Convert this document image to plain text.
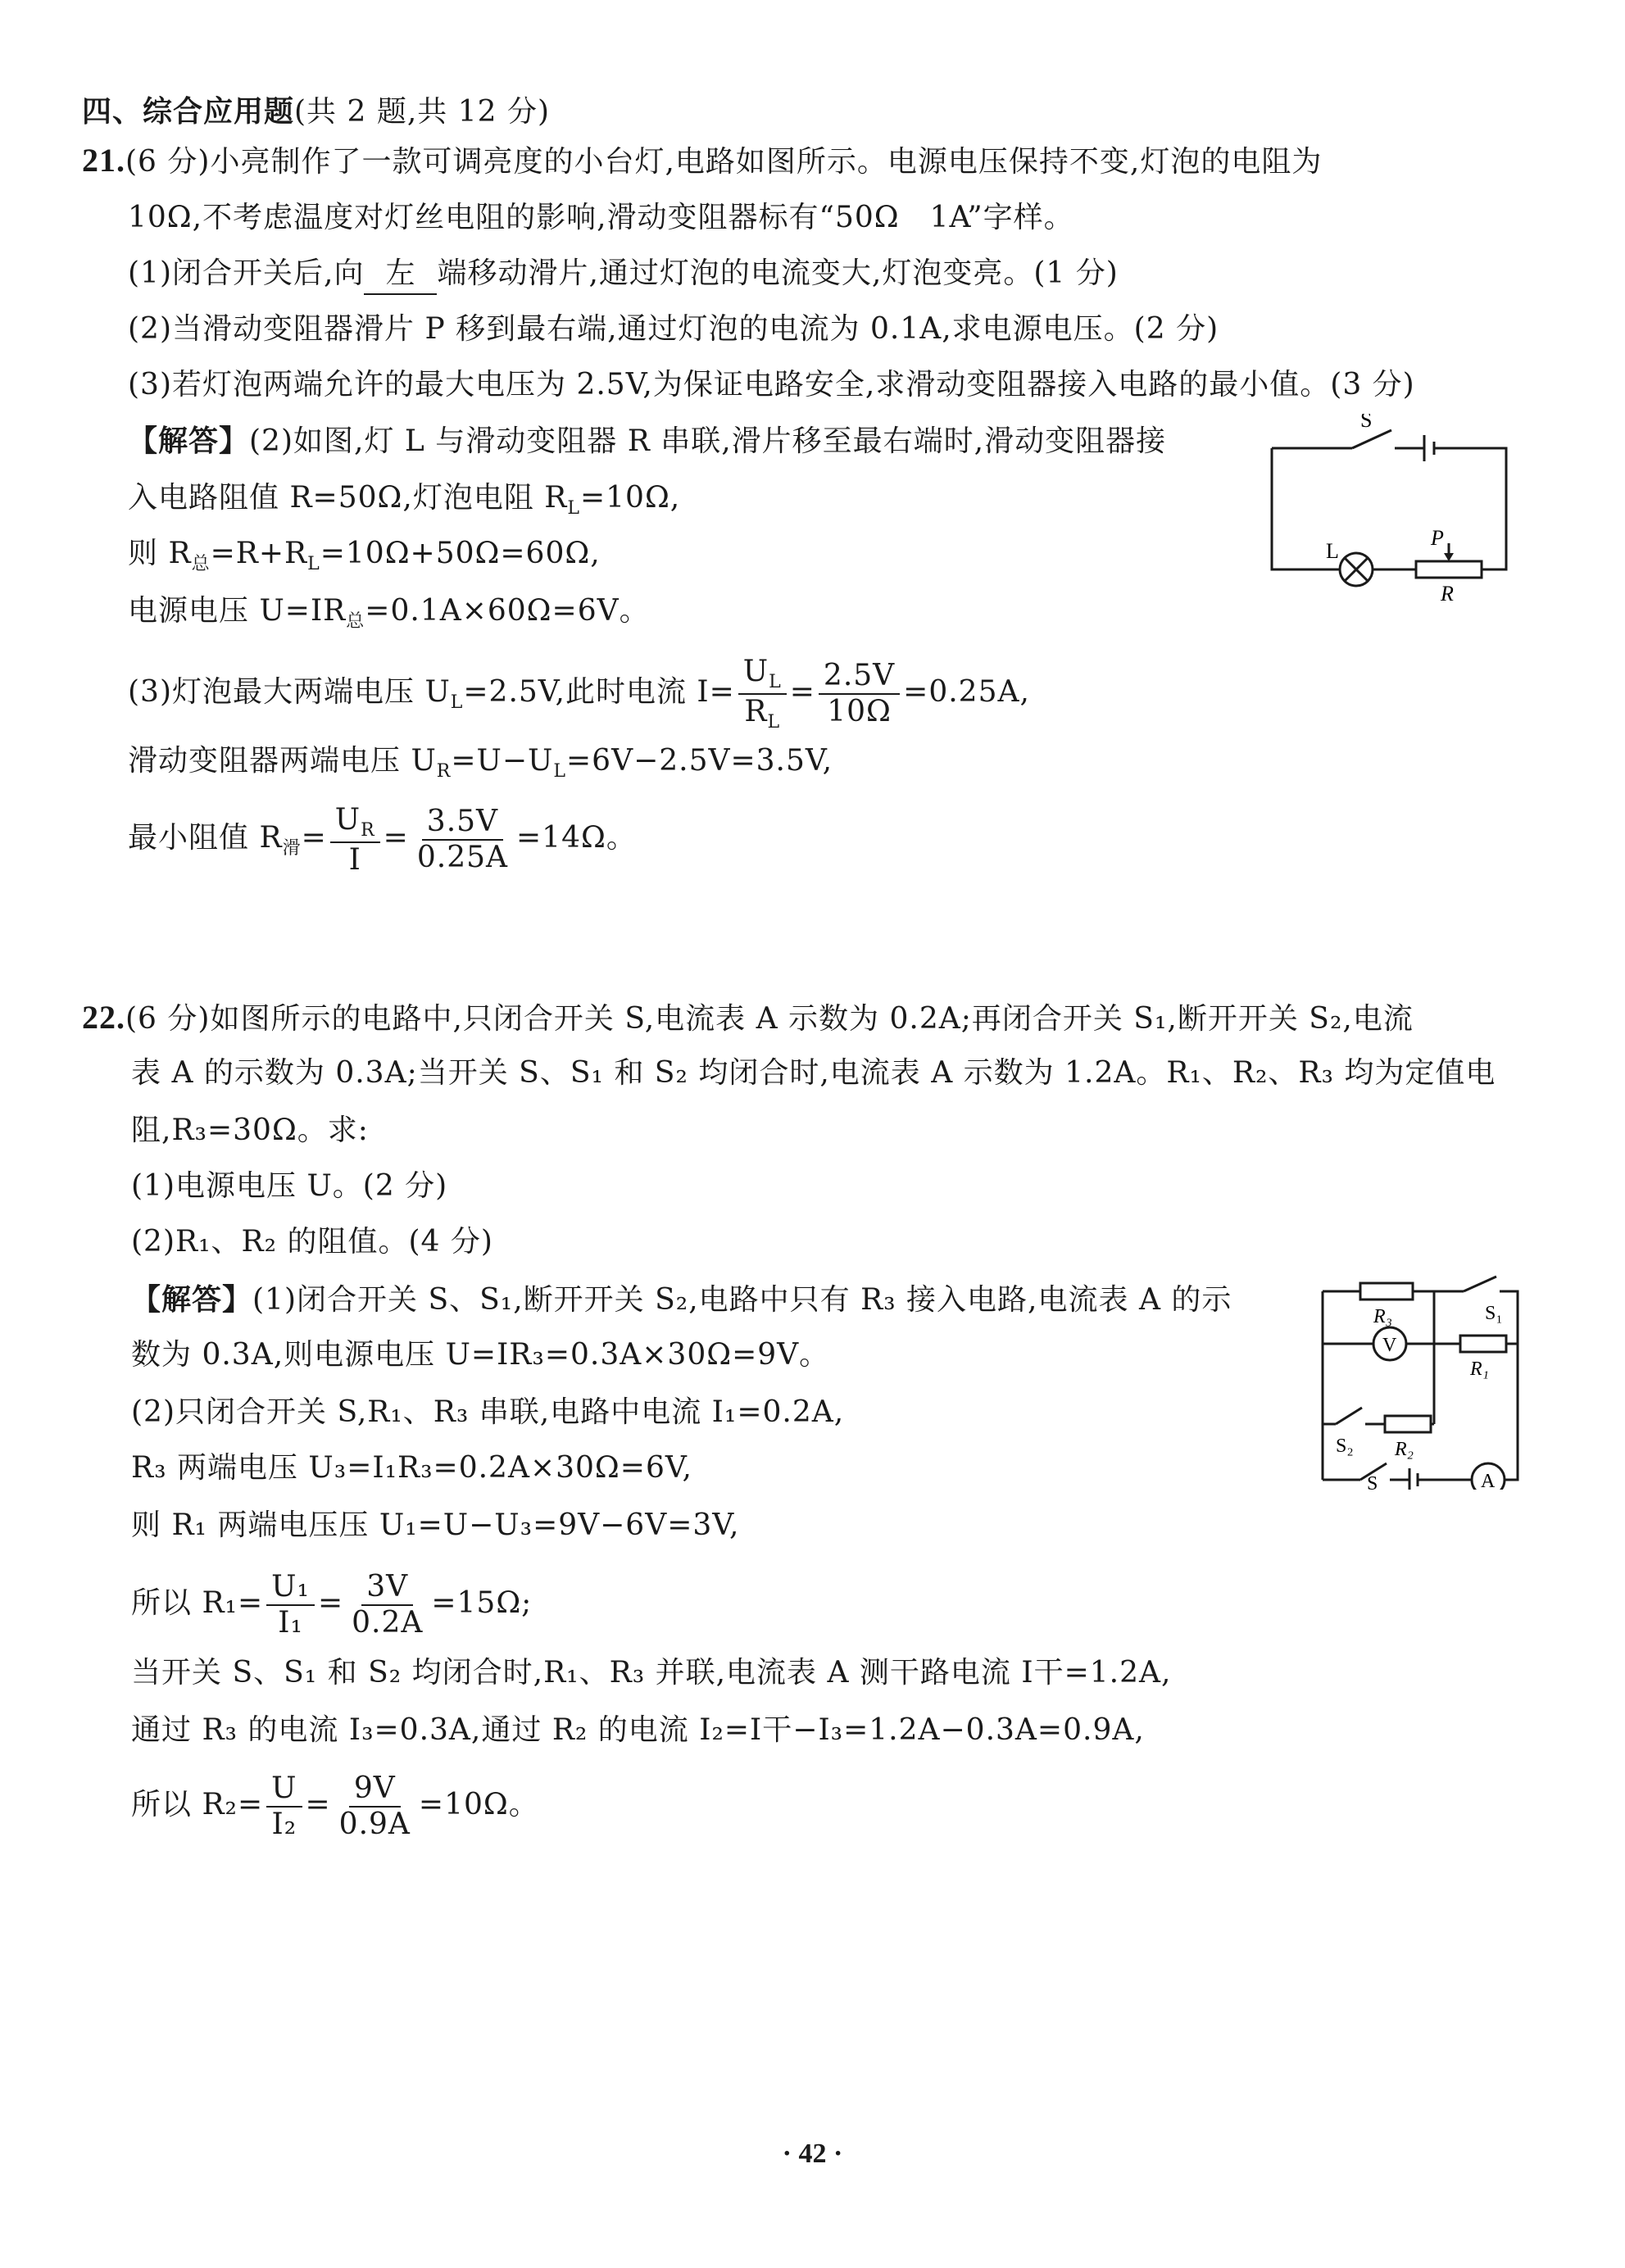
四、综合应用题(共 2 题,共 12 分)
21.(6 分)小亮制作了一款可调亮度的小台灯,电路如图所示。电源电压保持不变,灯泡的电阻为
10Ω,不考虑温度对灯丝电阻的影响,滑动变阻器标有“50Ω　1A”字样。
(1)闭合开关后,向 左 端移动滑片,通过灯泡的电流变大,灯泡变亮。(1 分)
(2)当滑动变阻器滑片 P 移到最右端,通过灯泡的电流为 0.1A,求电源电压。(2 分)
(3)若灯泡两端允许的最大电压为 2.5V,为保证电路安全,求滑动变阻器接入电路的最小值。(3 分)
【解答】(2)如图,灯 L 与滑动变阻器 R 串联,滑片移至最右端时,滑动变阻器接
入电路阻值 R=50Ω,灯泡电阻 $R_L=10\Omega$,
则 $R_总=R+R_L=10\Omega+50\Omega=60\Omega$,
电源电压 $U=IR_总=0.1A\times 60\Omega=6V$。
(3)灯泡最大两端电压 $U_L=2.5V$,此时电流 $I= \frac{U_L}{R_L} = \frac{2.5V}{10\Omega} =0.25A$,
滑动变阻器两端电压 $U_R=U-U_L=6V-2.5V=3.5V$,
最小阻值 $R_滑= \frac{U_R}{I} = \frac{3.5V}{0.25A} =14\Omega$。
S
L
P
R
22.(6 分)如图所示的电路中,只闭合开关 S,电流表 A 示数为 0.2A;再闭合开关 S₁,断开开关 S₂,电流
表 A 的示数为 0.3A;当开关 S、S₁ 和 S₂ 均闭合时,电流表 A 示数为 1.2A。R₁、R₂、R₃ 均为定值电
阻,R₃=30Ω。求:
(1)电源电压 U。(2 分)
(2)R₁、R₂ 的阻值。(4 分)
【解答】(1)闭合开关 S、S₁,断开开关 S₂,电路中只有 R₃ 接入电路,电流表 A 的示
数为 0.3A,则电源电压 U=IR₃=0.3A×30Ω=9V。
(2)只闭合开关 S,R₁、R₃ 串联,电路中电流 I₁=0.2A,
R₃ 两端电压 U₃=I₁R₃=0.2A×30Ω=6V,
则 R₁ 两端电压压 U₁=U−U₃=9V−6V=3V,
所以 $R_1= \frac{\text{U₁}}{\text{I₁}} = \frac{3V}{0.2A} =15\Omega$;
当开关 S、S₁ 和 S₂ 均闭合时,R₁、R₃ 并联,电流表 A 测干路电流 I干=1.2A,
通过 R₃ 的电流 I₃=0.3A,通过 R₂ 的电流 I₂=I干−I₃=1.2A−0.3A=0.9A,
所以 $R_2= \frac{U}{\text{I₂}} = \frac{9V}{0.9A} =10\Omega$。
R₃	S₁
V
R₁
S₂ R₂
S	A
· 42 ·
